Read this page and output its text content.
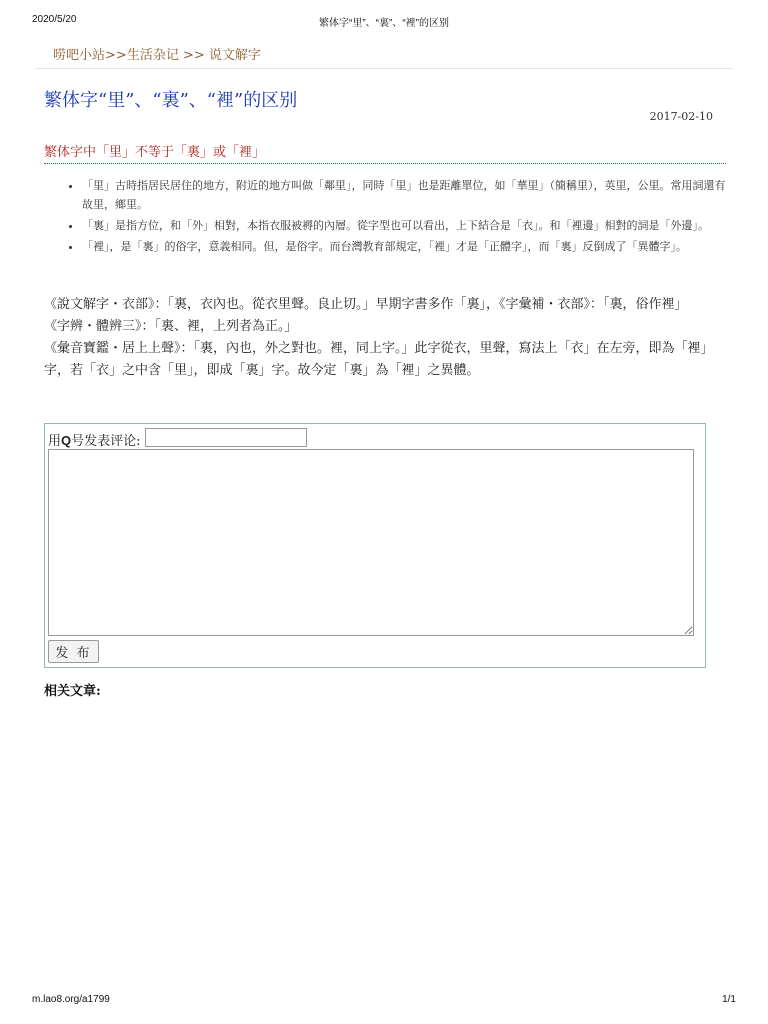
2020/5/20	繁体字“里”、“裏”、“裡”的区别
唠吧小站>>生活杂记 >> 说文解字
繁体字“里”、“裏”、“裡”的区别
2017-02-10
繁体字中「里」不等于「裏」或「裡」
• 「里」古時指居民居住的地方，附近的地方叫做「鄰里」，同時「里」也是距離單位，如「華里」（簡稱里），英里，公里。常用詞還有故里，鄉里。
• 「裏」是指方位，和「外」相對，本指衣服被褥的內層。從字型也可以看出，上下結合是「衣」。和「裡邊」相對的詞是「外邊」。
• 「裡」，是「裏」的俗字，意義相同。但，是俗字。而台灣教育部規定，「裡」才是「正體字」，而「裏」反倒成了「異體字」。

《說文解字・衣部》：「裏，衣內也。從衣里聲。良止切。」早期字書多作「裏」，《字彙補・衣部》：「裏，俗作裡」

《字辨・體辨三》：「裏、裡，上列者為正。」

《彙音寶鑑・居上上聲》：「裏，內也，外之對也。裡，同上字。」此字從衣，里聲，寫法上「衣」在左旁，即為「裡」字，若「衣」之中含「里」，即成「裏」字。故今定「裏」為「裡」之異體。

用Q号发表评论:
发 布
相关文章:
m.lao8.org/a1799	1/1
